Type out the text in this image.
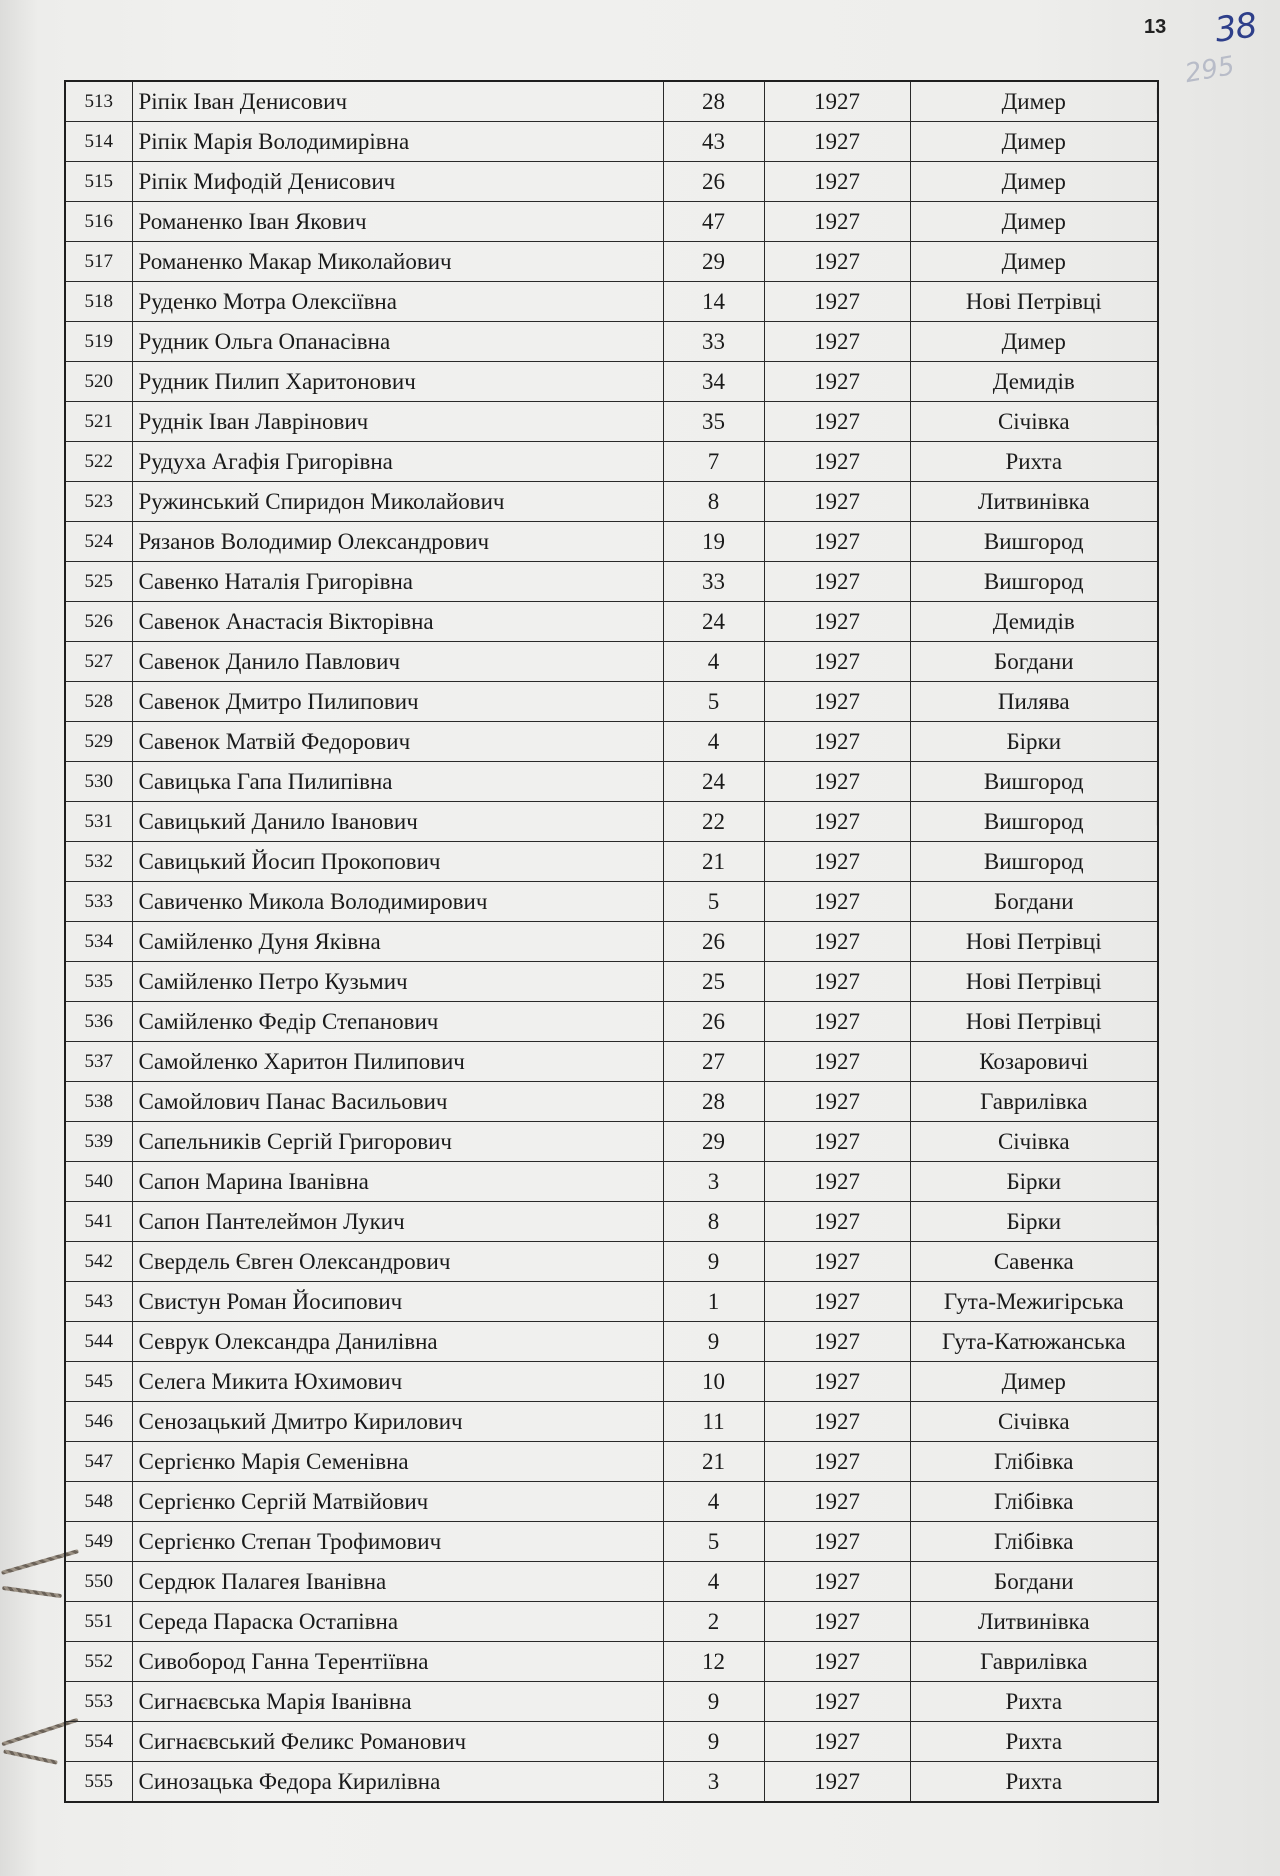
13 38
295
│
│
│
│
513	Ріпік Іван Денисович	28	1927	Димер
514	Ріпік Марія Володимирівна	43	1927	Димер
515	Ріпік Мифодій Денисович	26	1927	Димер
516	Романенко Іван Якович	47	1927	Димер
517	Романенко Макар Миколайович	29	1927	Димер
518	Руденко Мотра Олексіївна	14	1927	Нові Петрівці
519	Рудник Ольга Опанасівна	33	1927	Димер
520	Рудник Пилип Харитонович	34	1927	Демидів
521	Руднік Іван Лаврінович	35	1927	Січівка
522	Рудуха Агафія Григорівна	7	1927	Рихта
523	Ружинський Спиридон Миколайович	8	1927	Литвинівка
524	Рязанов Володимир Олександрович	19	1927	Вишгород
525	Савенко Наталія Григорівна	33	1927	Вишгород
526	Савенок Анастасія Вікторівна	24	1927	Демидів
527	Савенок Данило Павлович	4	1927	Богдани
528	Савенок Дмитро Пилипович	5	1927	Пилява
529	Савенок Матвій Федорович	4	1927	Бірки
530	Савицька Гапа Пилипівна	24	1927	Вишгород
531	Савицький Данило Іванович	22	1927	Вишгород
532	Савицький Йосип Прокопович	21	1927	Вишгород
533	Савиченко Микола Володимирович	5	1927	Богдани
534	Самійленко Дуня Яківна	26	1927	Нові Петрівці
535	Самійленко Петро Кузьмич	25	1927	Нові Петрівці
536	Самійленко Федір Степанович	26	1927	Нові Петрівці
537	Самойленко Харитон Пилипович	27	1927	Козаровичі
538	Самойлович Панас Васильович	28	1927	Гаврилівка
539	Сапельників Сергій Григорович	29	1927	Січівка
540	Сапон Марина Іванівна	3	1927	Бірки
541	Сапон Пантелеймон Лукич	8	1927	Бірки
542	Свердель Євген Олександрович	9	1927	Савенка
543	Свистун Роман Йосипович	1	1927	Гута-Межигірська
544	Севрук Олександра Данилівна	9	1927	Гута-Катюжанська
545	Селега Микита Юхимович	10	1927	Димер
546	Сенозацький Дмитро Кирилович	11	1927	Січівка
547	Сергієнко Марія Семенівна	21	1927	Глібівка
548	Сергієнко Сергій Матвійович	4	1927	Глібівка
549	Сергієнко Степан Трофимович	5	1927	Глібівка
550	Сердюк Палагея Іванівна	4	1927	Богдани
551	Середа Параска Остапівна	2	1927	Литвинівка
552	Сивобород Ганна Терентіївна	12	1927	Гаврилівка
553	Сигнаєвська Марія Іванівна	9	1927	Рихта
554	Сигнаєвський Феликс Романович	9	1927	Рихта
555	Синозацька Федора Кирилівна	3	1927	Рихта
